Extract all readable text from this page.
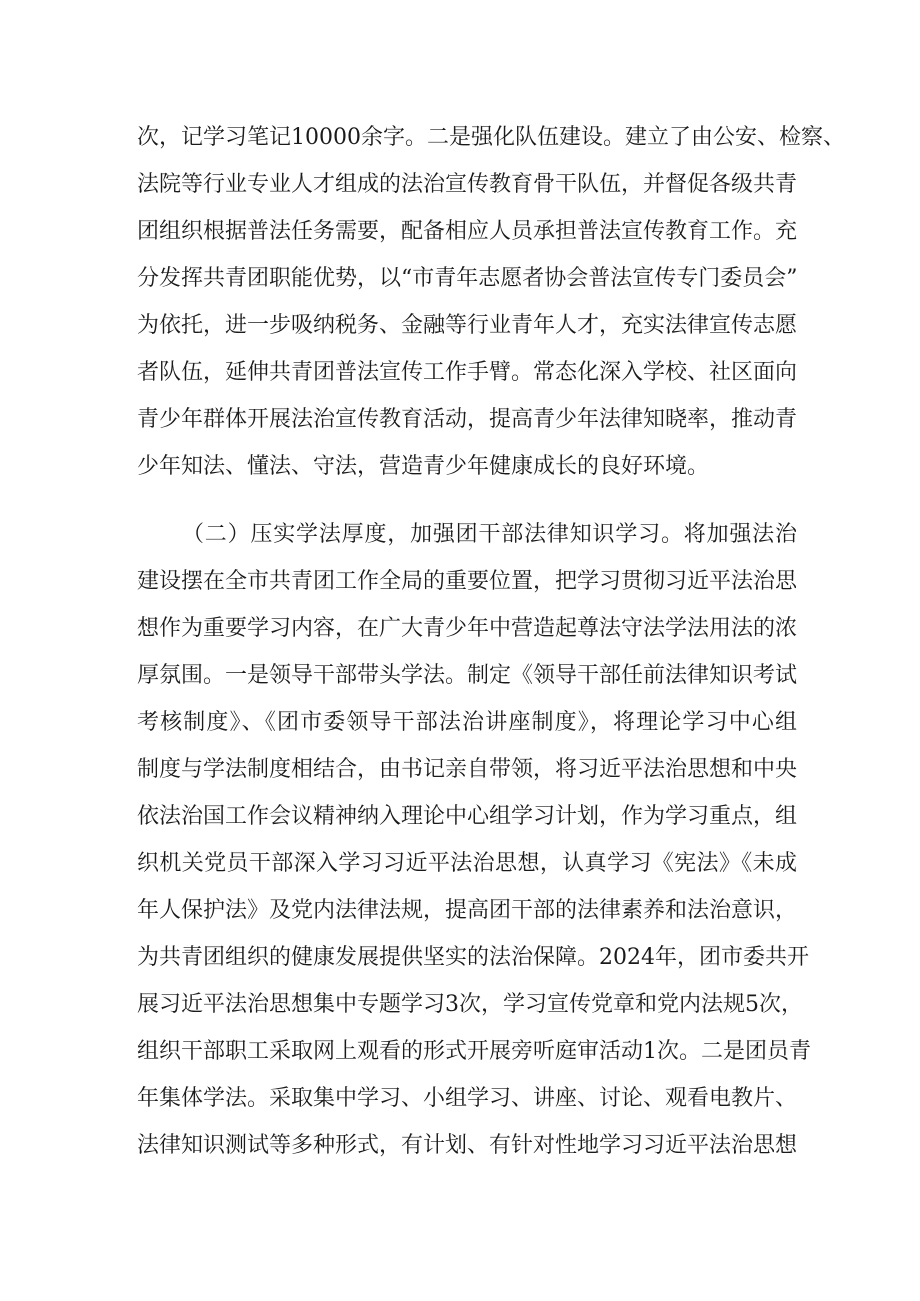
次，记学习笔记10000余字。二是强化队伍建设。建立了由公安、检察、
法院等行业专业人才组成的法治宣传教育骨干队伍，并督促各级共青
团组织根据普法任务需要，配备相应人员承担普法宣传教育工作。充
分发挥共青团职能优势，以“市青年志愿者协会普法宣传专门委员会”
为依托，进一步吸纳税务、金融等行业青年人才，充实法律宣传志愿
者队伍，延伸共青团普法宣传工作手臂。常态化深入学校、社区面向
青少年群体开展法治宣传教育活动，提高青少年法律知晓率，推动青
少年知法、懂法、守法，营造青少年健康成长的良好环境。
（二）压实学法厚度，加强团干部法律知识学习。将加强法治
建设摆在全市共青团工作全局的重要位置，把学习贯彻习近平法治思
想作为重要学习内容，在广大青少年中营造起尊法守法学法用法的浓
厚氛围。一是领导干部带头学法。制定《领导干部任前法律知识考试
考核制度》、《团市委领导干部法治讲座制度》，将理论学习中心组
制度与学法制度相结合，由书记亲自带领，将习近平法治思想和中央
依法治国工作会议精神纳入理论中心组学习计划，作为学习重点，组
织机关党员干部深入学习习近平法治思想，认真学习《宪法》《未成
年人保护法》及党内法律法规，提高团干部的法律素养和法治意识，
为共青团组织的健康发展提供坚实的法治保障。2024年，团市委共开
展习近平法治思想集中专题学习3次，学习宣传党章和党内法规5次，
组织干部职工采取网上观看的形式开展旁听庭审活动1次。二是团员青
年集体学法。采取集中学习、小组学习、讲座、讨论、观看电教片、
法律知识测试等多种形式，有计划、有针对性地学习习近平法治思想
